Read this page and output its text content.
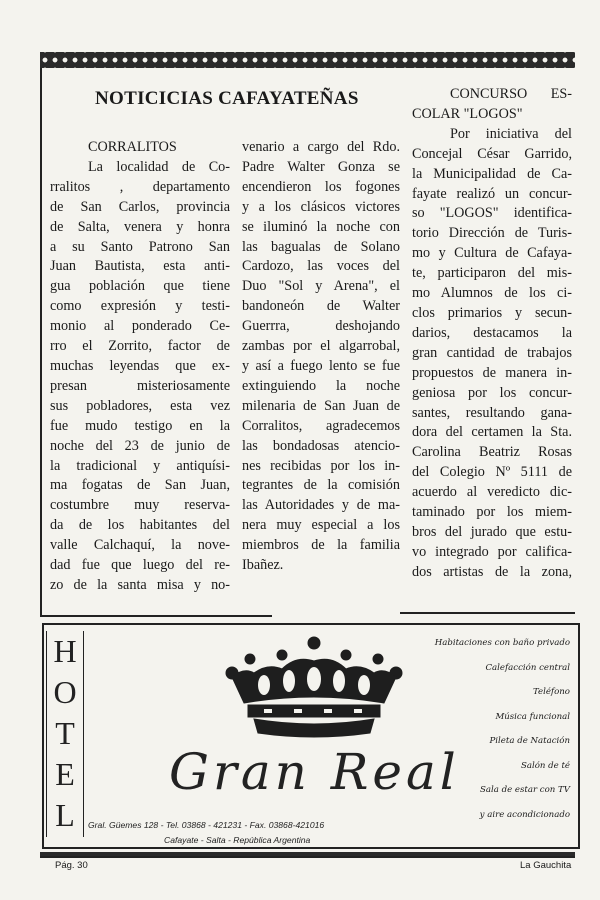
NOTICICIAS CAFAYATEÑAS
CORRALITOS
La localidad de Co-
rralitos , departamento
de San Carlos, provincia
de Salta, venera y honra
a su Santo Patrono San
Juan Bautista, esta anti-
gua población que tiene
como expresión y testi-
monio al ponderado Ce-
rro el Zorrito, factor de
muchas leyendas que ex-
presan misteriosamente
sus pobladores, esta vez
fue mudo testigo en la
noche del 23 de junio de
la tradicional y antiquísi-
ma fogatas de San Juan,
costumbre muy reserva-
da de los habitantes del
valle Calchaquí, la nove-
dad fue que luego del re-
zo de la santa misa y no-
venario a cargo del Rdo.
Padre Walter Gonza se
encendieron los fogones
y a los clásicos victores
se iluminó la noche con
las bagualas de Solano
Cardozo, las voces del
Duo "Sol y Arena", el
bandoneón de Walter
Guerrra, deshojando
zambas por el algarrobal,
y así a fuego lento se fue
extinguiendo la noche
milenaria de San Juan de
Corralitos, agradecemos
las bondadosas atencio-
nes recibidas por los in-
tegrantes de la comisión
las Autoridades y de ma-
nera muy especial a los
miembros de la familia
Ibañez.
CONCURSO ES-
COLAR "LOGOS"
Por iniciativa del
Concejal César Garrido,
la Municipalidad de Ca-
fayate realizó un concur-
so "LOGOS" identifica-
torio Dirección de Turis-
mo y Cultura de Cafaya-
te, participaron del mis-
mo Alumnos de los ci-
clos primarios y secun-
darios, destacamos la
gran cantidad de trabajos
propuestos de manera in-
geniosa por los concur-
santes, resultando gana-
dora del certamen la Sta.
Carolina Beatriz Rosas
del Colegio Nº 5111 de
acuerdo al veredicto dic-
taminado por los miem-
bros del jurado que estu-
vo integrado por califica-
dos artistas de la zona,
H
O
T
E
L
Gran Real
Gral. Güemes 128 - Tel. 03868 - 421231 - Fax. 03868-421016
Cafayate - Salta - República Argentina
Habitaciones con baño privado
Calefacción central
Teléfono
Música funcional
Pileta de Natación
Salón de té
Sala de estar con TV
y aire acondicionado
Pág. 30	La Gauchita
